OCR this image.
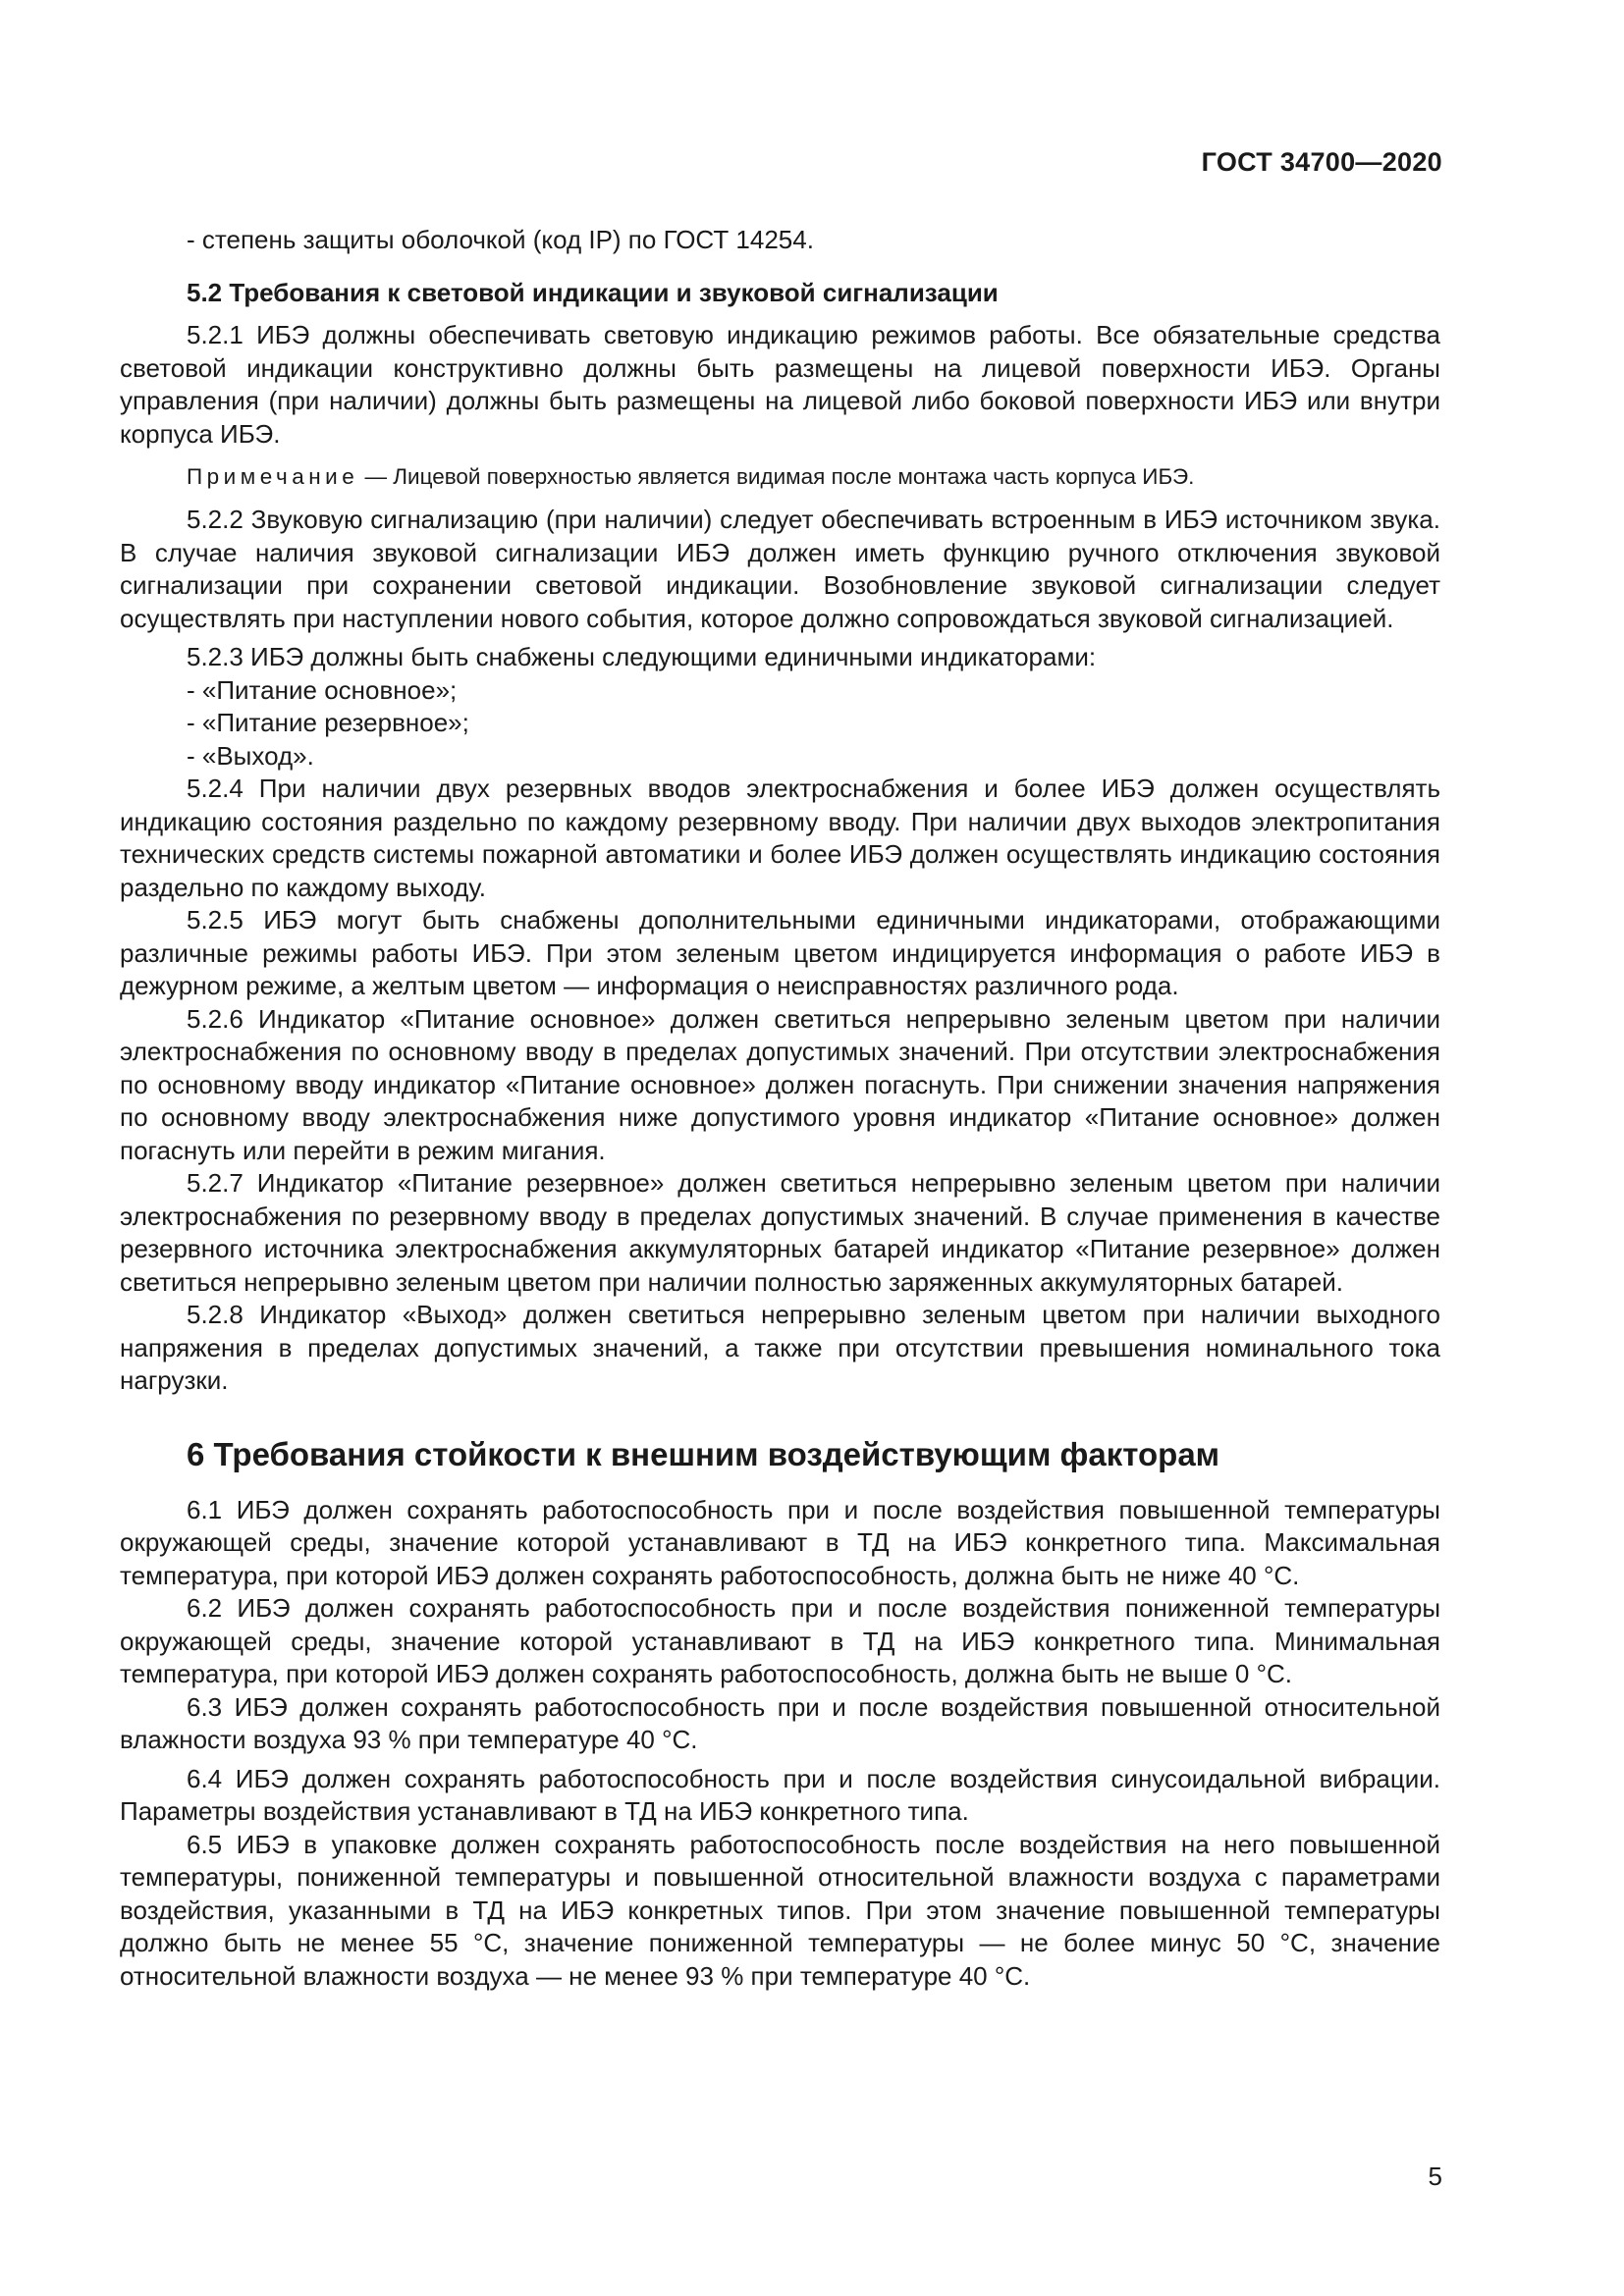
ГОСТ 34700—2020

- степень защиты оболочкой (код IP) по ГОСТ 14254.

5.2 Требования к световой индикации и звуковой сигнализации

5.2.1 ИБЭ должны обеспечивать световую индикацию режимов работы. Все обязательные средства световой индикации конструктивно должны быть размещены на лицевой поверхности ИБЭ. Органы управления (при наличии) должны быть размещены на лицевой либо боковой поверхности ИБЭ или внутри корпуса ИБЭ.

Примечание — Лицевой поверхностью является видимая после монтажа часть корпуса ИБЭ.

5.2.2 Звуковую сигнализацию (при наличии) следует обеспечивать встроенным в ИБЭ источником звука. В случае наличия звуковой сигнализации ИБЭ должен иметь функцию ручного отключения звуковой сигнализации при сохранении световой индикации. Возобновление звуковой сигнализации следует осуществлять при наступлении нового события, которое должно сопровождаться звуковой сигнализацией.

5.2.3 ИБЭ должны быть снабжены следующими единичными индикаторами:

- «Питание основное»;

- «Питание резервное»;

- «Выход».

5.2.4 При наличии двух резервных вводов электроснабжения и более ИБЭ должен осуществлять индикацию состояния раздельно по каждому резервному вводу. При наличии двух выходов электропитания технических средств системы пожарной автоматики и более ИБЭ должен осуществлять индикацию состояния раздельно по каждому выходу.

5.2.5 ИБЭ могут быть снабжены дополнительными единичными индикаторами, отображающими различные режимы работы ИБЭ. При этом зеленым цветом индицируется информация о работе ИБЭ в дежурном режиме, а желтым цветом — информация о неисправностях различного рода.

5.2.6 Индикатор «Питание основное» должен светиться непрерывно зеленым цветом при наличии электроснабжения по основному вводу в пределах допустимых значений. При отсутствии электроснабжения по основному вводу индикатор «Питание основное» должен погаснуть. При снижении значения напряжения по основному вводу электроснабжения ниже допустимого уровня индикатор «Питание основное» должен погаснуть или перейти в режим мигания.

5.2.7 Индикатор «Питание резервное» должен светиться непрерывно зеленым цветом при наличии электроснабжения по резервному вводу в пределах допустимых значений. В случае применения в качестве резервного источника электроснабжения аккумуляторных батарей индикатор «Питание резервное» должен светиться непрерывно зеленым цветом при наличии полностью заряженных аккумуляторных батарей.

5.2.8 Индикатор «Выход» должен светиться непрерывно зеленым цветом при наличии выходного напряжения в пределах допустимых значений, а также при отсутствии превышения номинального тока нагрузки.

6 Требования стойкости к внешним воздействующим факторам

6.1 ИБЭ должен сохранять работоспособность при и после воздействия повышенной температуры окружающей среды, значение которой устанавливают в ТД на ИБЭ конкретного типа. Максимальная температура, при которой ИБЭ должен сохранять работоспособность, должна быть не ниже 40 °С.

6.2 ИБЭ должен сохранять работоспособность при и после воздействия пониженной температуры окружающей среды, значение которой устанавливают в ТД на ИБЭ конкретного типа. Минимальная температура, при которой ИБЭ должен сохранять работоспособность, должна быть не выше 0 °С.

6.3 ИБЭ должен сохранять работоспособность при и после воздействия повышенной относительной влажности воздуха 93 % при температуре 40 °С.

6.4 ИБЭ должен сохранять работоспособность при и после воздействия синусоидальной вибрации. Параметры воздействия устанавливают в ТД на ИБЭ конкретного типа.

6.5 ИБЭ в упаковке должен сохранять работоспособность после воздействия на него повышенной температуры, пониженной температуры и повышенной относительной влажности воздуха с параметрами воздействия, указанными в ТД на ИБЭ конкретных типов. При этом значение повышенной температуры должно быть не менее 55 °С, значение пониженной температуры — не более минус 50 °С, значение относительной влажности воздуха — не менее 93 % при температуре 40 °С.

5
